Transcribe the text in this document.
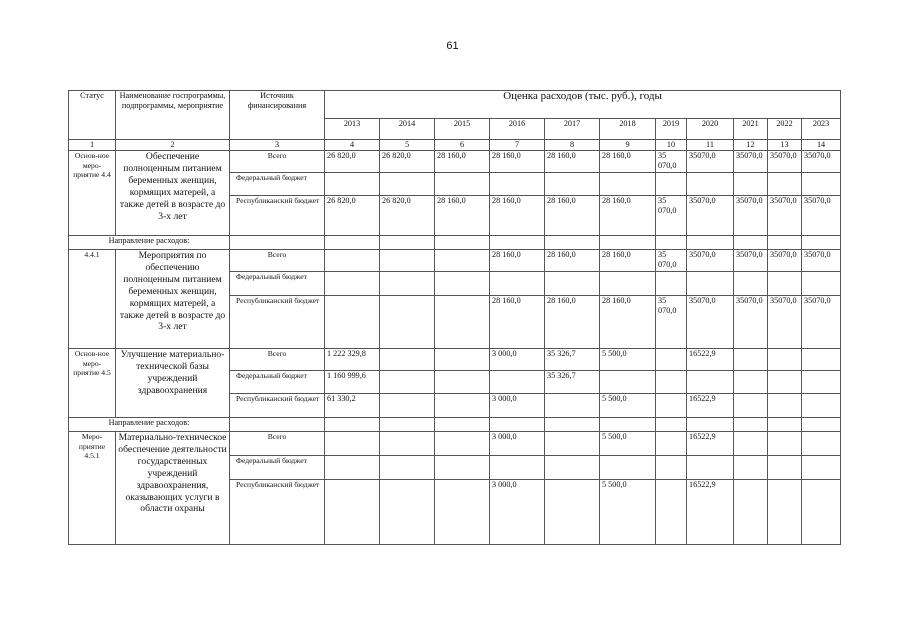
61
Статус	Наименование госпрограммы, подпрограммы, мероприятие	Источник финансирования	Оценка расходов (тыс. руб.), годы										
			2013	2014	2015	2016	2017	2018	2019	2020	2021	2022	2023
1	2	3	4	5	6	7	8	9	10	11	12	13	14
Основ-ное меро-приятие 4.4	Обеспечение полноценным питанием беременных женщин, кормящих матерей, а также детей в возрасте до 3-х лет	Всего	26 820,0	26 820,0	28 160,0	28 160,0	28 160,0	28 160,0	35 070,0	35070,0	35070,0	35070,0	35070,0
		Федеральный бюджет											
		Республиканский бюджет	26 820,0	26 820,0	28 160,0	28 160,0	28 160,0	28 160,0	35 070,0	35070,0	35070,0	35070,0	35070,0
Направление расходов:													
4.4.1	Мероприятия по обеспечению полноценным питанием беременных женщин, кормящих матерей, а также детей в возрасте до 3-х лет	Всего				28 160,0	28 160,0	28 160,0	35 070,0	35070,0	35070,0	35070,0	35070,0
		Федеральный бюджет											
		Республиканский бюджет				28 160,0	28 160,0	28 160,0	35 070,0	35070,0	35070,0	35070,0	35070,0
Основ-ное меро-приятие 4.5	Улучшение материально-технической базы учреждений здравоохранения	Всего	1 222 329,8			3 000,0	35 326,7	5 500,0		16522,9			
		Федеральный бюджет	1 160 999,6				35 326,7						
		Республиканский бюджет	61 330,2			3 000,0		5 500,0		16522,9			
Направление расходов:													
Меро-приятие 4.5.1	Материально-техническое обеспечение деятельности государственных учреждений здравоохранения, оказывающих услуги в области охраны	Всего				3 000,0		5 500,0		16522,9			
		Федеральный бюджет											
		Республиканский бюджет				3 000,0		5 500,0		16522,9			
